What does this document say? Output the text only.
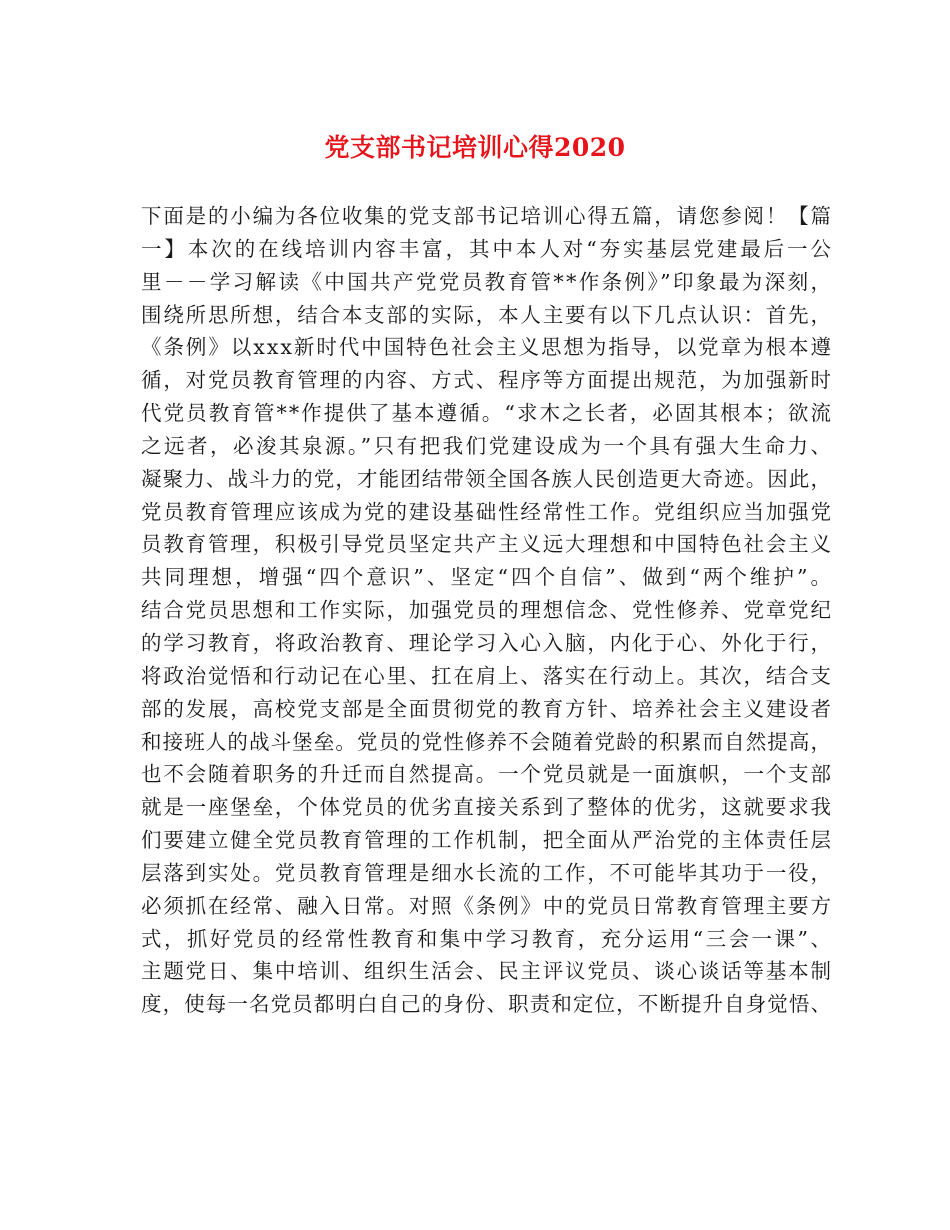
党支部书记培训心得2020
下面是的小编为各位收集的党支部书记培训心得五篇，请您参阅！【篇
一】本次的在线培训内容丰富，其中本人对“夯实基层党建最后一公
里－－学习解读《中国共产党党员教育管**作条例》”印象最为深刻，
围绕所思所想，结合本支部的实际，本人主要有以下几点认识：首先，
《条例》以xxx新时代中国特色社会主义思想为指导，以党章为根本遵
循，对党员教育管理的内容、方式、程序等方面提出规范，为加强新时
代党员教育管**作提供了基本遵循。“求木之长者，必固其根本；欲流
之远者，必浚其泉源。”只有把我们党建设成为一个具有强大生命力、
凝聚力、战斗力的党，才能团结带领全国各族人民创造更大奇迹。因此，
党员教育管理应该成为党的建设基础性经常性工作。党组织应当加强党
员教育管理，积极引导党员坚定共产主义远大理想和中国特色社会主义
共同理想，增强“四个意识”、坚定“四个自信”、做到“两个维护”。
结合党员思想和工作实际，加强党员的理想信念、党性修养、党章党纪
的学习教育，将政治教育、理论学习入心入脑，内化于心、外化于行，
将政治觉悟和行动记在心里、扛在肩上、落实在行动上。其次，结合支
部的发展，高校党支部是全面贯彻党的教育方针、培养社会主义建设者
和接班人的战斗堡垒。党员的党性修养不会随着党龄的积累而自然提高，
也不会随着职务的升迁而自然提高。一个党员就是一面旗帜，一个支部
就是一座堡垒，个体党员的优劣直接关系到了整体的优劣，这就要求我
们要建立健全党员教育管理的工作机制，把全面从严治党的主体责任层
层落到实处。党员教育管理是细水长流的工作，不可能毕其功于一役，
必须抓在经常、融入日常。对照《条例》中的党员日常教育管理主要方
式，抓好党员的经常性教育和集中学习教育，充分运用“三会一课”、
主题党日、集中培训、组织生活会、民主评议党员、谈心谈话等基本制
度，使每一名党员都明白自己的身份、职责和定位，不断提升自身觉悟、
